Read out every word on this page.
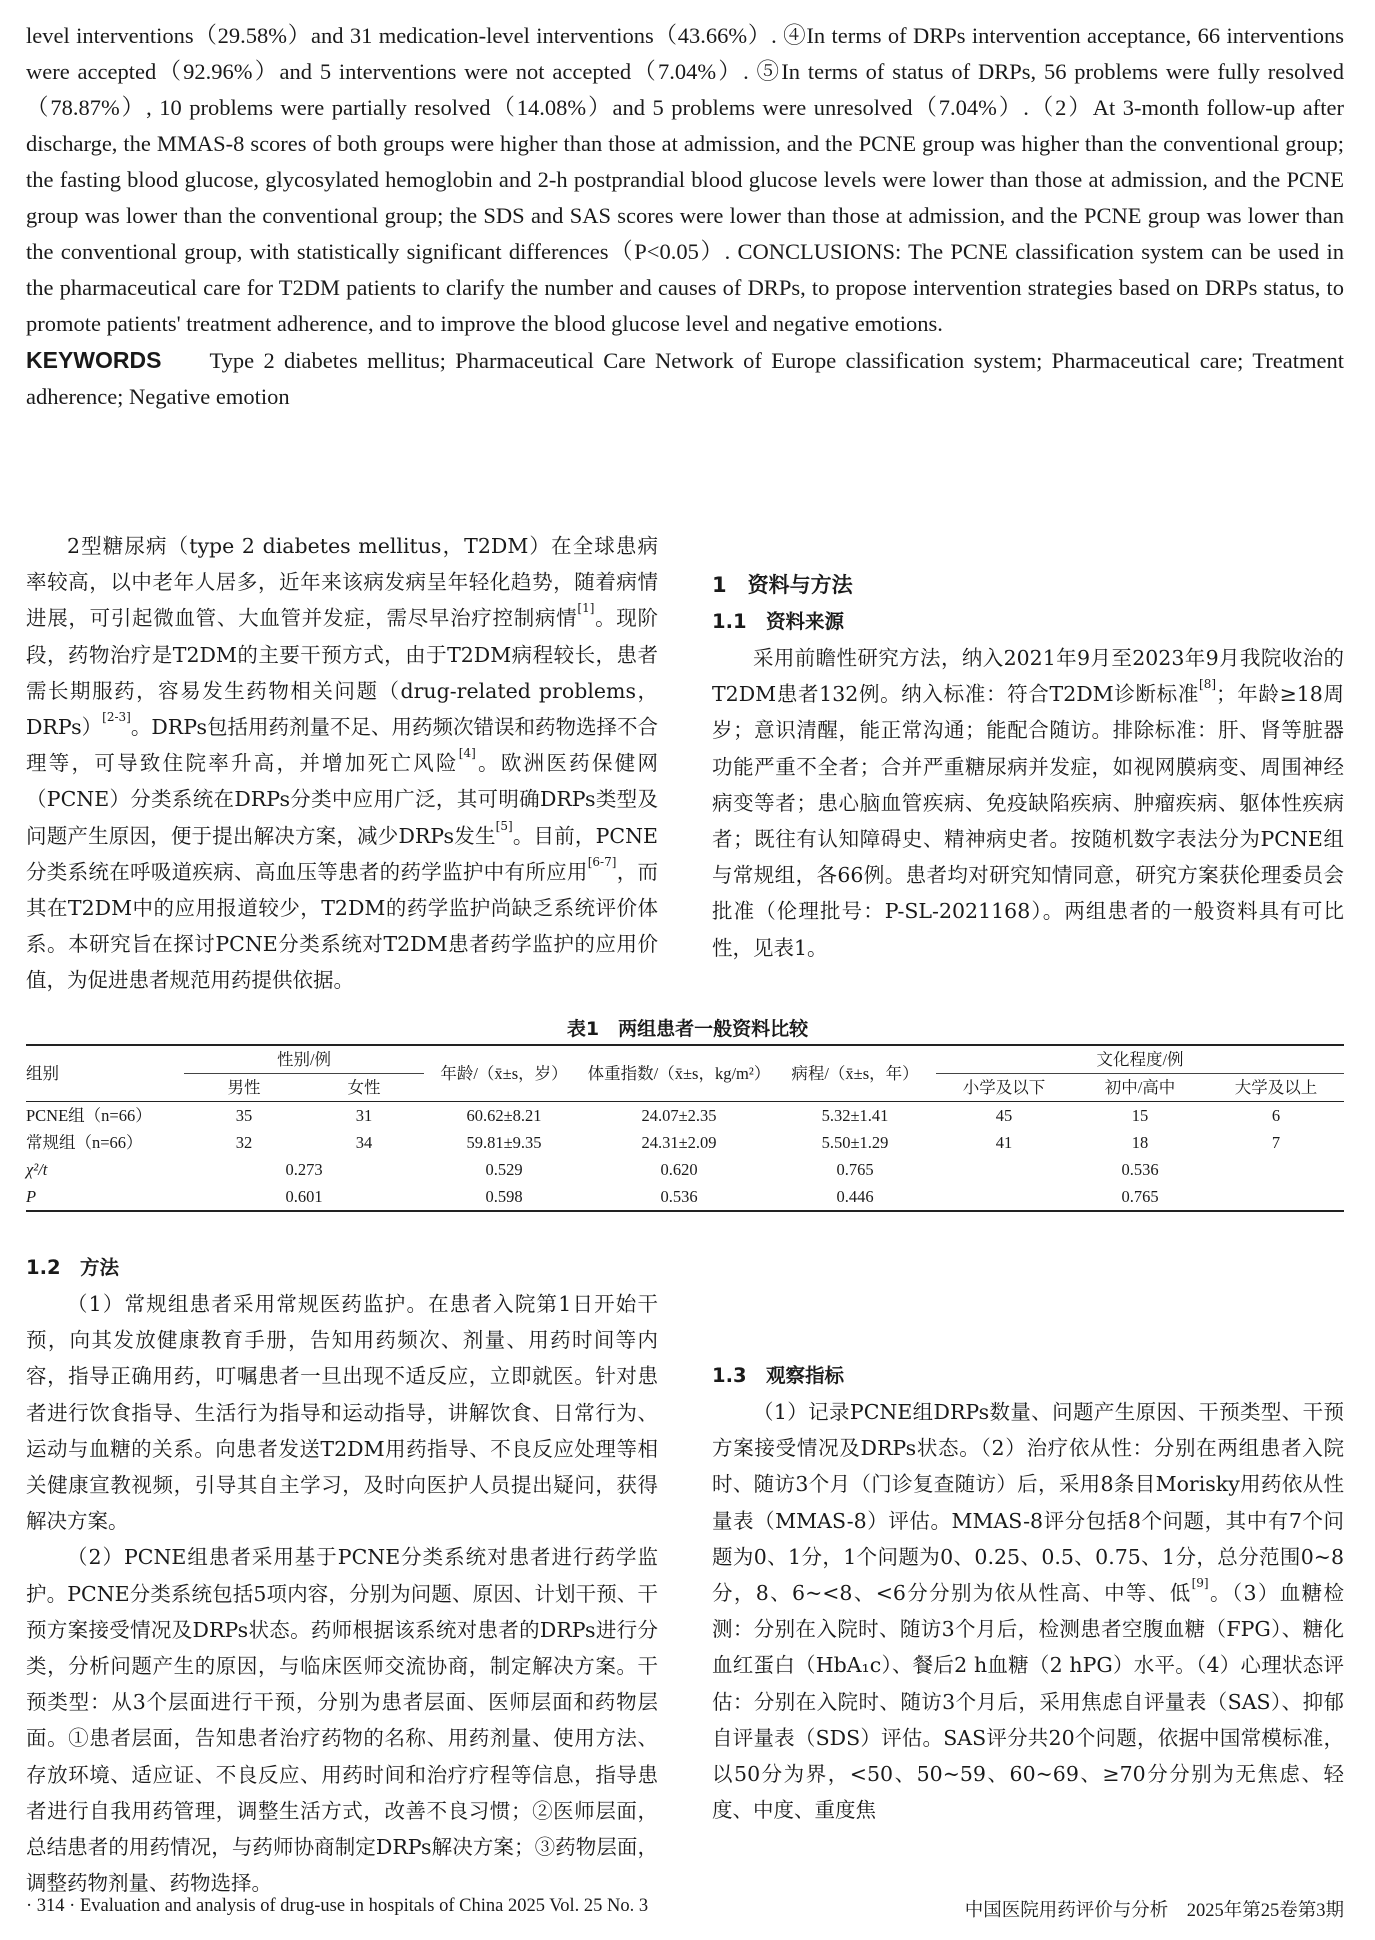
level interventions（29.58%）and 31 medication-level interventions（43.66%）. ④In terms of DRPs intervention acceptance, 66 interventions were accepted（92.96%）and 5 interventions were not accepted（7.04%）. ⑤In terms of status of DRPs, 56 problems were fully resolved（78.87%）, 10 problems were partially resolved（14.08%）and 5 problems were unresolved（7.04%）.（2）At 3-month follow-up after discharge, the MMAS-8 scores of both groups were higher than those at admission, and the PCNE group was higher than the conventional group; the fasting blood glucose, glycosylated hemoglobin and 2-h postprandial blood glucose levels were lower than those at admission, and the PCNE group was lower than the conventional group; the SDS and SAS scores were lower than those at admission, and the PCNE group was lower than the conventional group, with statistically significant differences（P<0.05）. CONCLUSIONS: The PCNE classification system can be used in the pharmaceutical care for T2DM patients to clarify the number and causes of DRPs, to propose intervention strategies based on DRPs status, to promote patients' treatment adherence, and to improve the blood glucose level and negative emotions.

KEYWORDS Type 2 diabetes mellitus; Pharmaceutical Care Network of Europe classification system; Pharmaceutical care; Treatment adherence; Negative emotion

2型糖尿病（type 2 diabetes mellitus，T2DM）在全球患病率较高，以中老年人居多，近年来该病发病呈年轻化趋势，随着病情进展，可引起微血管、大血管并发症，需尽早治疗控制病情[1]。现阶段，药物治疗是T2DM的主要干预方式，由于T2DM病程较长，患者需长期服药，容易发生药物相关问题（drug-related problems，DRPs）[2-3]。DRPs包括用药剂量不足、用药频次错误和药物选择不合理等，可导致住院率升高，并增加死亡风险[4]。欧洲医药保健网（PCNE）分类系统在DRPs分类中应用广泛，其可明确DRPs类型及问题产生原因，便于提出解决方案，减少DRPs发生[5]。目前，PCNE分类系统在呼吸道疾病、高血压等患者的药学监护中有所应用[6-7]，而其在T2DM中的应用报道较少，T2DM的药学监护尚缺乏系统评价体系。本研究旨在探讨PCNE分类系统对T2DM患者药学监护的应用价值，为促进患者规范用药提供依据。

1　资料与方法
1.1　资料来源

采用前瞻性研究方法，纳入2021年9月至2023年9月我院收治的T2DM患者132例。纳入标准：符合T2DM诊断标准[8]；年龄≥18周岁；意识清醒，能正常沟通；能配合随访。排除标准：肝、肾等脏器功能严重不全者；合并严重糖尿病并发症，如视网膜病变、周围神经病变等者；患心脑血管疾病、免疫缺陷疾病、肿瘤疾病、躯体性疾病者；既往有认知障碍史、精神病史者。按随机数字表法分为PCNE组与常规组，各66例。患者均对研究知情同意，研究方案获伦理委员会批准（伦理批号：P-SL-2021168）。两组患者的一般资料具有可比性，见表1。

表1　两组患者一般资料比较
组别	性别/例		年龄/（x̄±s，岁）	体重指数/（x̄±s，kg/m²）	病程/（x̄±s，年）	文化程度/例		
	男性	女性				小学及以下	初中/高中	大学及以上
PCNE组（n=66）	35	31	60.62±8.21	24.07±2.35	5.32±1.41	45	15	6
常规组（n=66）	32	34	59.81±9.35	24.31±2.09	5.50±1.29	41	18	7
χ²/t	0.273		0.529	0.620	0.765	0.536		
P	0.601		0.598	0.536	0.446	0.765		
1.2　方法

（1）常规组患者采用常规医药监护。在患者入院第1日开始干预，向其发放健康教育手册，告知用药频次、剂量、用药时间等内容，指导正确用药，叮嘱患者一旦出现不适反应，立即就医。针对患者进行饮食指导、生活行为指导和运动指导，讲解饮食、日常行为、运动与血糖的关系。向患者发送T2DM用药指导、不良反应处理等相关健康宣教视频，引导其自主学习，及时向医护人员提出疑问，获得解决方案。

（2）PCNE组患者采用基于PCNE分类系统对患者进行药学监护。PCNE分类系统包括5项内容，分别为问题、原因、计划干预、干预方案接受情况及DRPs状态。药师根据该系统对患者的DRPs进行分类，分析问题产生的原因，与临床医师交流协商，制定解决方案。干预类型：从3个层面进行干预，分别为患者层面、医师层面和药物层面。①患者层面，告知患者治疗药物的名称、用药剂量、使用方法、存放环境、适应证、不良反应、用药时间和治疗疗程等信息，指导患者进行自我用药管理，调整生活方式，改善不良习惯；②医师层面，总结患者的用药情况，与药师协商制定DRPs解决方案；③药物层面，调整药物剂量、药物选择。

1.3　观察指标

（1）记录PCNE组DRPs数量、问题产生原因、干预类型、干预方案接受情况及DRPs状态。（2）治疗依从性：分别在两组患者入院时、随访3个月（门诊复查随访）后，采用8条目Morisky用药依从性量表（MMAS-8）评估。MMAS-8评分包括8个问题，其中有7个问题为0、1分，1个问题为0、0.25、0.5、0.75、1分，总分范围0~8分，8、6~<8、<6分分别为依从性高、中等、低[9]。（3）血糖检测：分别在入院时、随访3个月后，检测患者空腹血糖（FPG）、糖化血红蛋白（HbA₁c）、餐后2 h血糖（2 hPG）水平。（4）心理状态评估：分别在入院时、随访3个月后，采用焦虑自评量表（SAS）、抑郁自评量表（SDS）评估。SAS评分共20个问题，依据中国常模标准，以50分为界，<50、50~59、60~69、≥70分分别为无焦虑、轻度、中度、重度焦

· 314 · Evaluation and analysis of drug-use in hospitals of China 2025 Vol. 25 No. 3	中国医院用药评价与分析　2025年第25卷第3期
